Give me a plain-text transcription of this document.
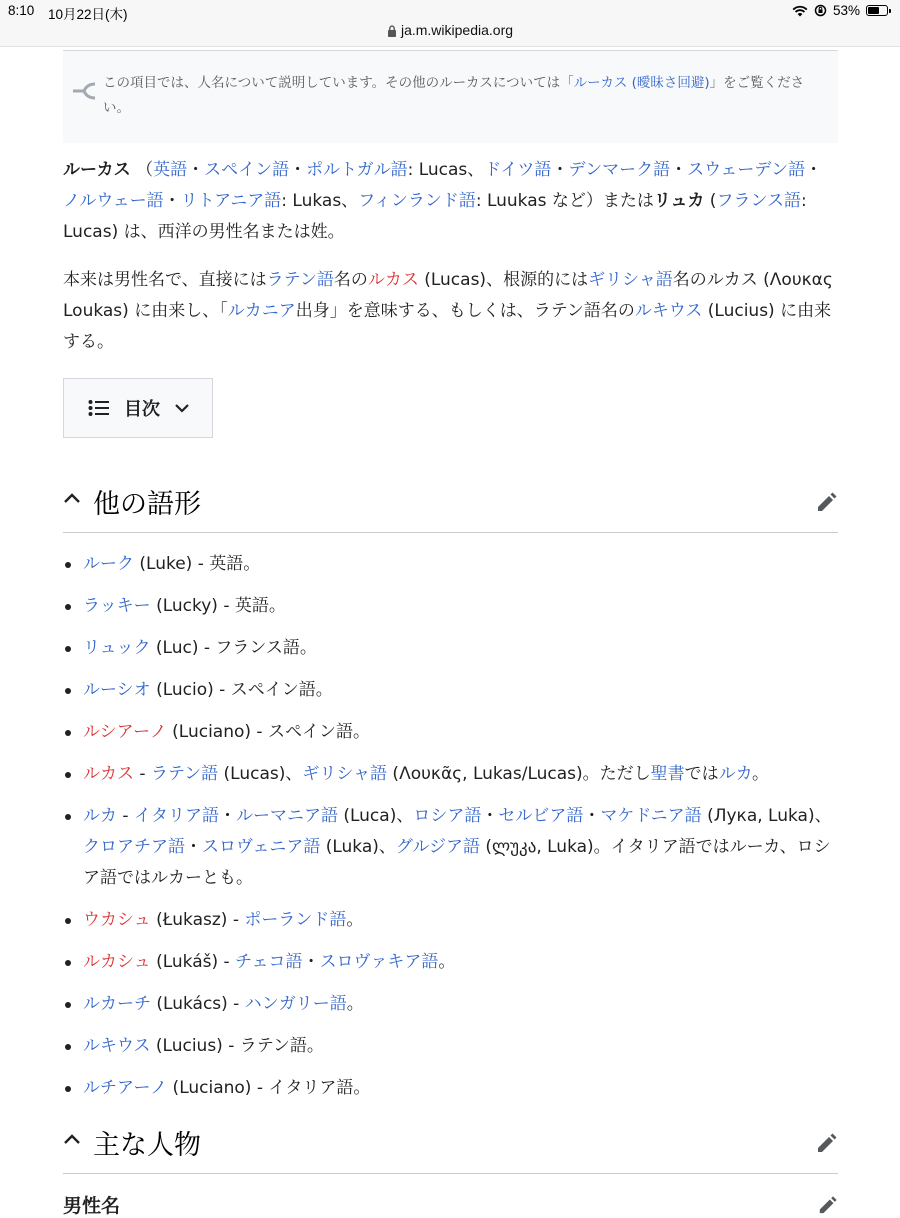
8:10 10月22日(木)	53%
ja.m.wikipedia.org
この項目では、人名について説明しています。その他のルーカスについては「ルーカス (曖昧さ回避)」をご覧ください。

ルーカス （英語・スペイン語・ポルトガル語: Lucas、ドイツ語・デンマーク語・スウェーデン語・ノルウェー語・リトアニア語: Lukas、フィンランド語: Luukas など）またはリュカ (フランス語: Lucas) は、西洋の男性名または姓。

本来は男性名で、直接にはラテン語名のルカス (Lucas)、根源的にはギリシャ語名のルカス (Λουκας Loukas) に由来し、「ルカニア出身」を意味する、もしくは、ラテン語名のルキウス (Lucius) に由来する。

目次
他の語形
ルーク (Luke) - 英語。
ラッキー (Lucky) - 英語。
リュック (Luc) - フランス語。
ルーシオ (Lucio) - スペイン語。
ルシアーノ (Luciano) - スペイン語。
ルカス - ラテン語 (Lucas)、ギリシャ語 (Λουκᾶς, Lukas/Lucas)。ただし聖書ではルカ。
ルカ - イタリア語・ルーマニア語 (Luca)、ロシア語・セルビア語・マケドニア語 (Лука, Luka)、クロアチア語・スロヴェニア語 (Luka)、グルジア語 (ლუკა, Luka)。イタリア語ではルーカ、ロシア語ではルカーとも。
ウカシュ (Łukasz) - ポーランド語。
ルカシュ (Lukáš) - チェコ語・スロヴァキア語。
ルカーチ (Lukács) - ハンガリー語。
ルキウス (Lucius) - ラテン語。
ルチアーノ (Luciano) - イタリア語。
主な人物
男性名
